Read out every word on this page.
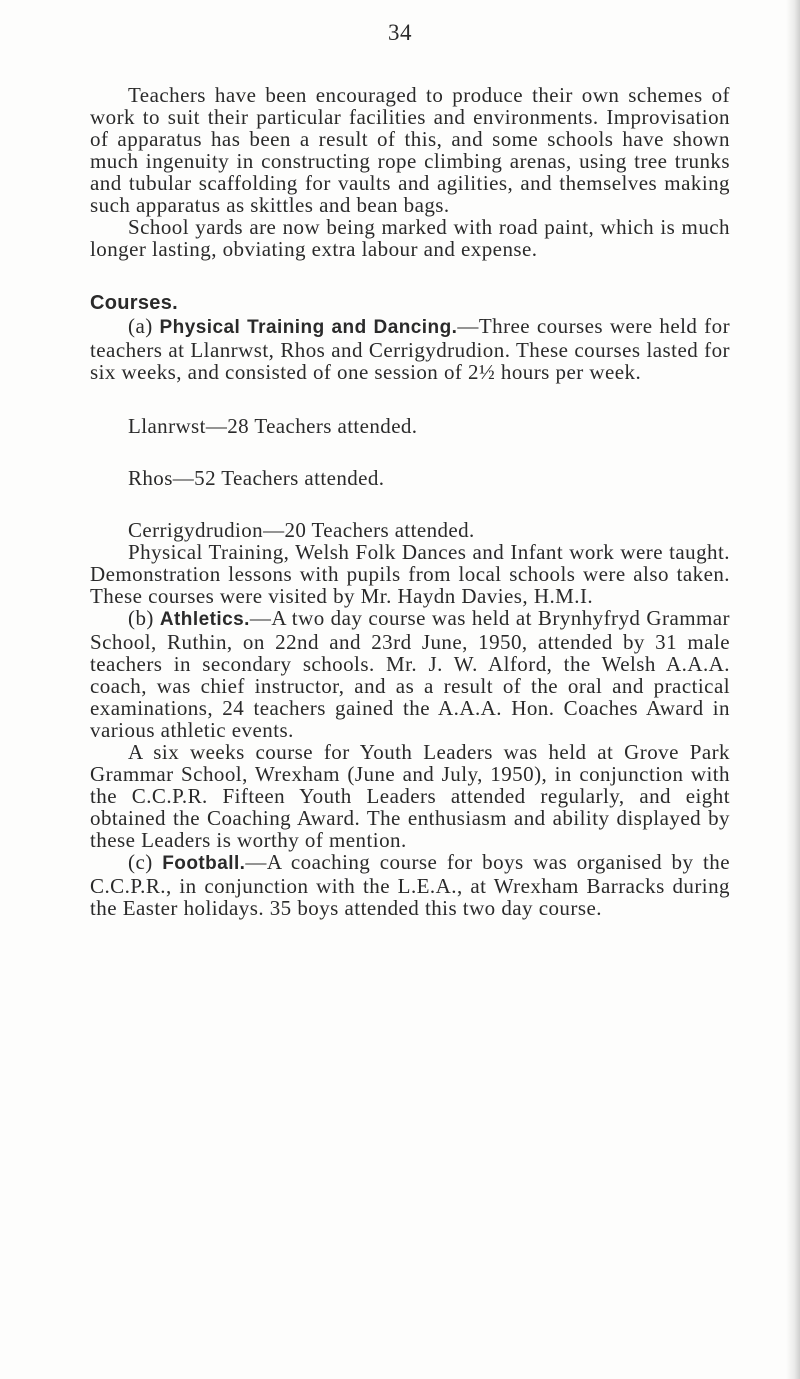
34

Teachers have been encouraged to produce their own schemes of work to suit their particular facilities and environments. Improvisation of apparatus has been a result of this, and some schools have shown much ingenuity in constructing rope climbing arenas, using tree trunks and tubular scaffolding for vaults and agilities, and themselves making such apparatus as skittles and bean bags.

School yards are now being marked with road paint, which is much longer lasting, obviating extra labour and expense.

Courses.

(a) Physical Training and Dancing.—Three courses were held for teachers at Llanrwst, Rhos and Cerrigydrudion. These courses lasted for six weeks, and consisted of one session of 2½ hours per week.

Llanrwst—28 Teachers attended.

Rhos—52 Teachers attended.

Cerrigydrudion—20 Teachers attended.

Physical Training, Welsh Folk Dances and Infant work were taught. Demonstration lessons with pupils from local schools were also taken. These courses were visited by Mr. Haydn Davies, H.M.I.

(b) Athletics.—A two day course was held at Brynhyfryd Grammar School, Ruthin, on 22nd and 23rd June, 1950, attended by 31 male teachers in secondary schools. Mr. J. W. Alford, the Welsh A.A.A. coach, was chief instructor, and as a result of the oral and practical examinations, 24 teachers gained the A.A.A. Hon. Coaches Award in various athletic events.

A six weeks course for Youth Leaders was held at Grove Park Grammar School, Wrexham (June and July, 1950), in conjunction with the C.C.P.R. Fifteen Youth Leaders attended regularly, and eight obtained the Coaching Award. The enthusiasm and ability displayed by these Leaders is worthy of mention.

(c) Football.—A coaching course for boys was organised by the C.C.P.R., in conjunction with the L.E.A., at Wrexham Barracks during the Easter holidays. 35 boys attended this two day course.
